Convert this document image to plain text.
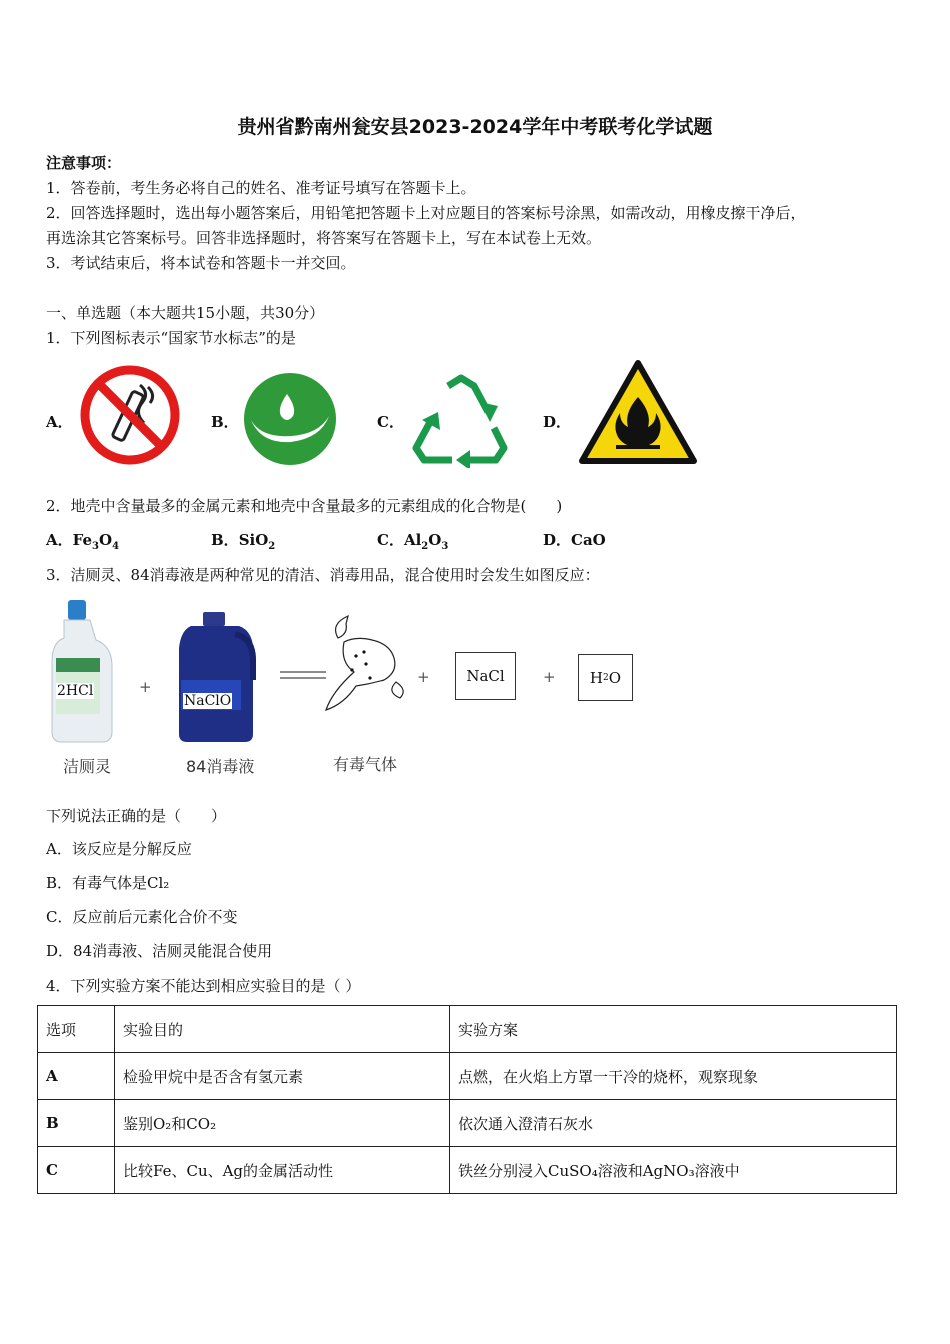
贵州省黔南州瓮安县2023-2024学年中考联考化学试题
注意事项：
1．答卷前，考生务必将自己的姓名、准考证号填写在答题卡上。
2．回答选择题时，选出每小题答案后，用铅笔把答题卡上对应题目的答案标号涂黑，如需改动，用橡皮擦干净后，
再选涂其它答案标号。回答非选择题时，将答案写在答题卡上，写在本试卷上无效。
3．考试结束后，将本试卷和答题卡一并交回。
一、单选题（本大题共15小题，共30分）
1．下列图标表示“国家节水标志”的是
A．	B．	C．	D．
2．地壳中含量最多的金属元素和地壳中含量最多的元素组成的化合物是(　　)
A．$Fe_3O_4$	B．SiO$_2$	C．$Al_2O_3$	D．CaO
3．洁厕灵、84消毒液是两种常见的清洁、消毒用品，混合使用时会发生如图反应：
2HCl	+
NaClO
+ NaCl	+ H 2 O
洁厕灵	84消毒液	有毒气体
下列说法正确的是（　　）
A．该反应是分解反应
B．有毒气体是Cl₂
C．反应前后元素化合价不变
D．84消毒液、洁厕灵能混合使用
4．下列实验方案不能达到相应实验目的是（ ）
选项	实验目的	实验方案
A	检验甲烷中是否含有氢元素	点燃，在火焰上方罩一干冷的烧杯，观察现象
B	鉴别O₂和CO₂	依次通入澄清石灰水
C	比较Fe、Cu、Ag的金属活动性	铁丝分别浸入CuSO₄溶液和AgNO₃溶液中
